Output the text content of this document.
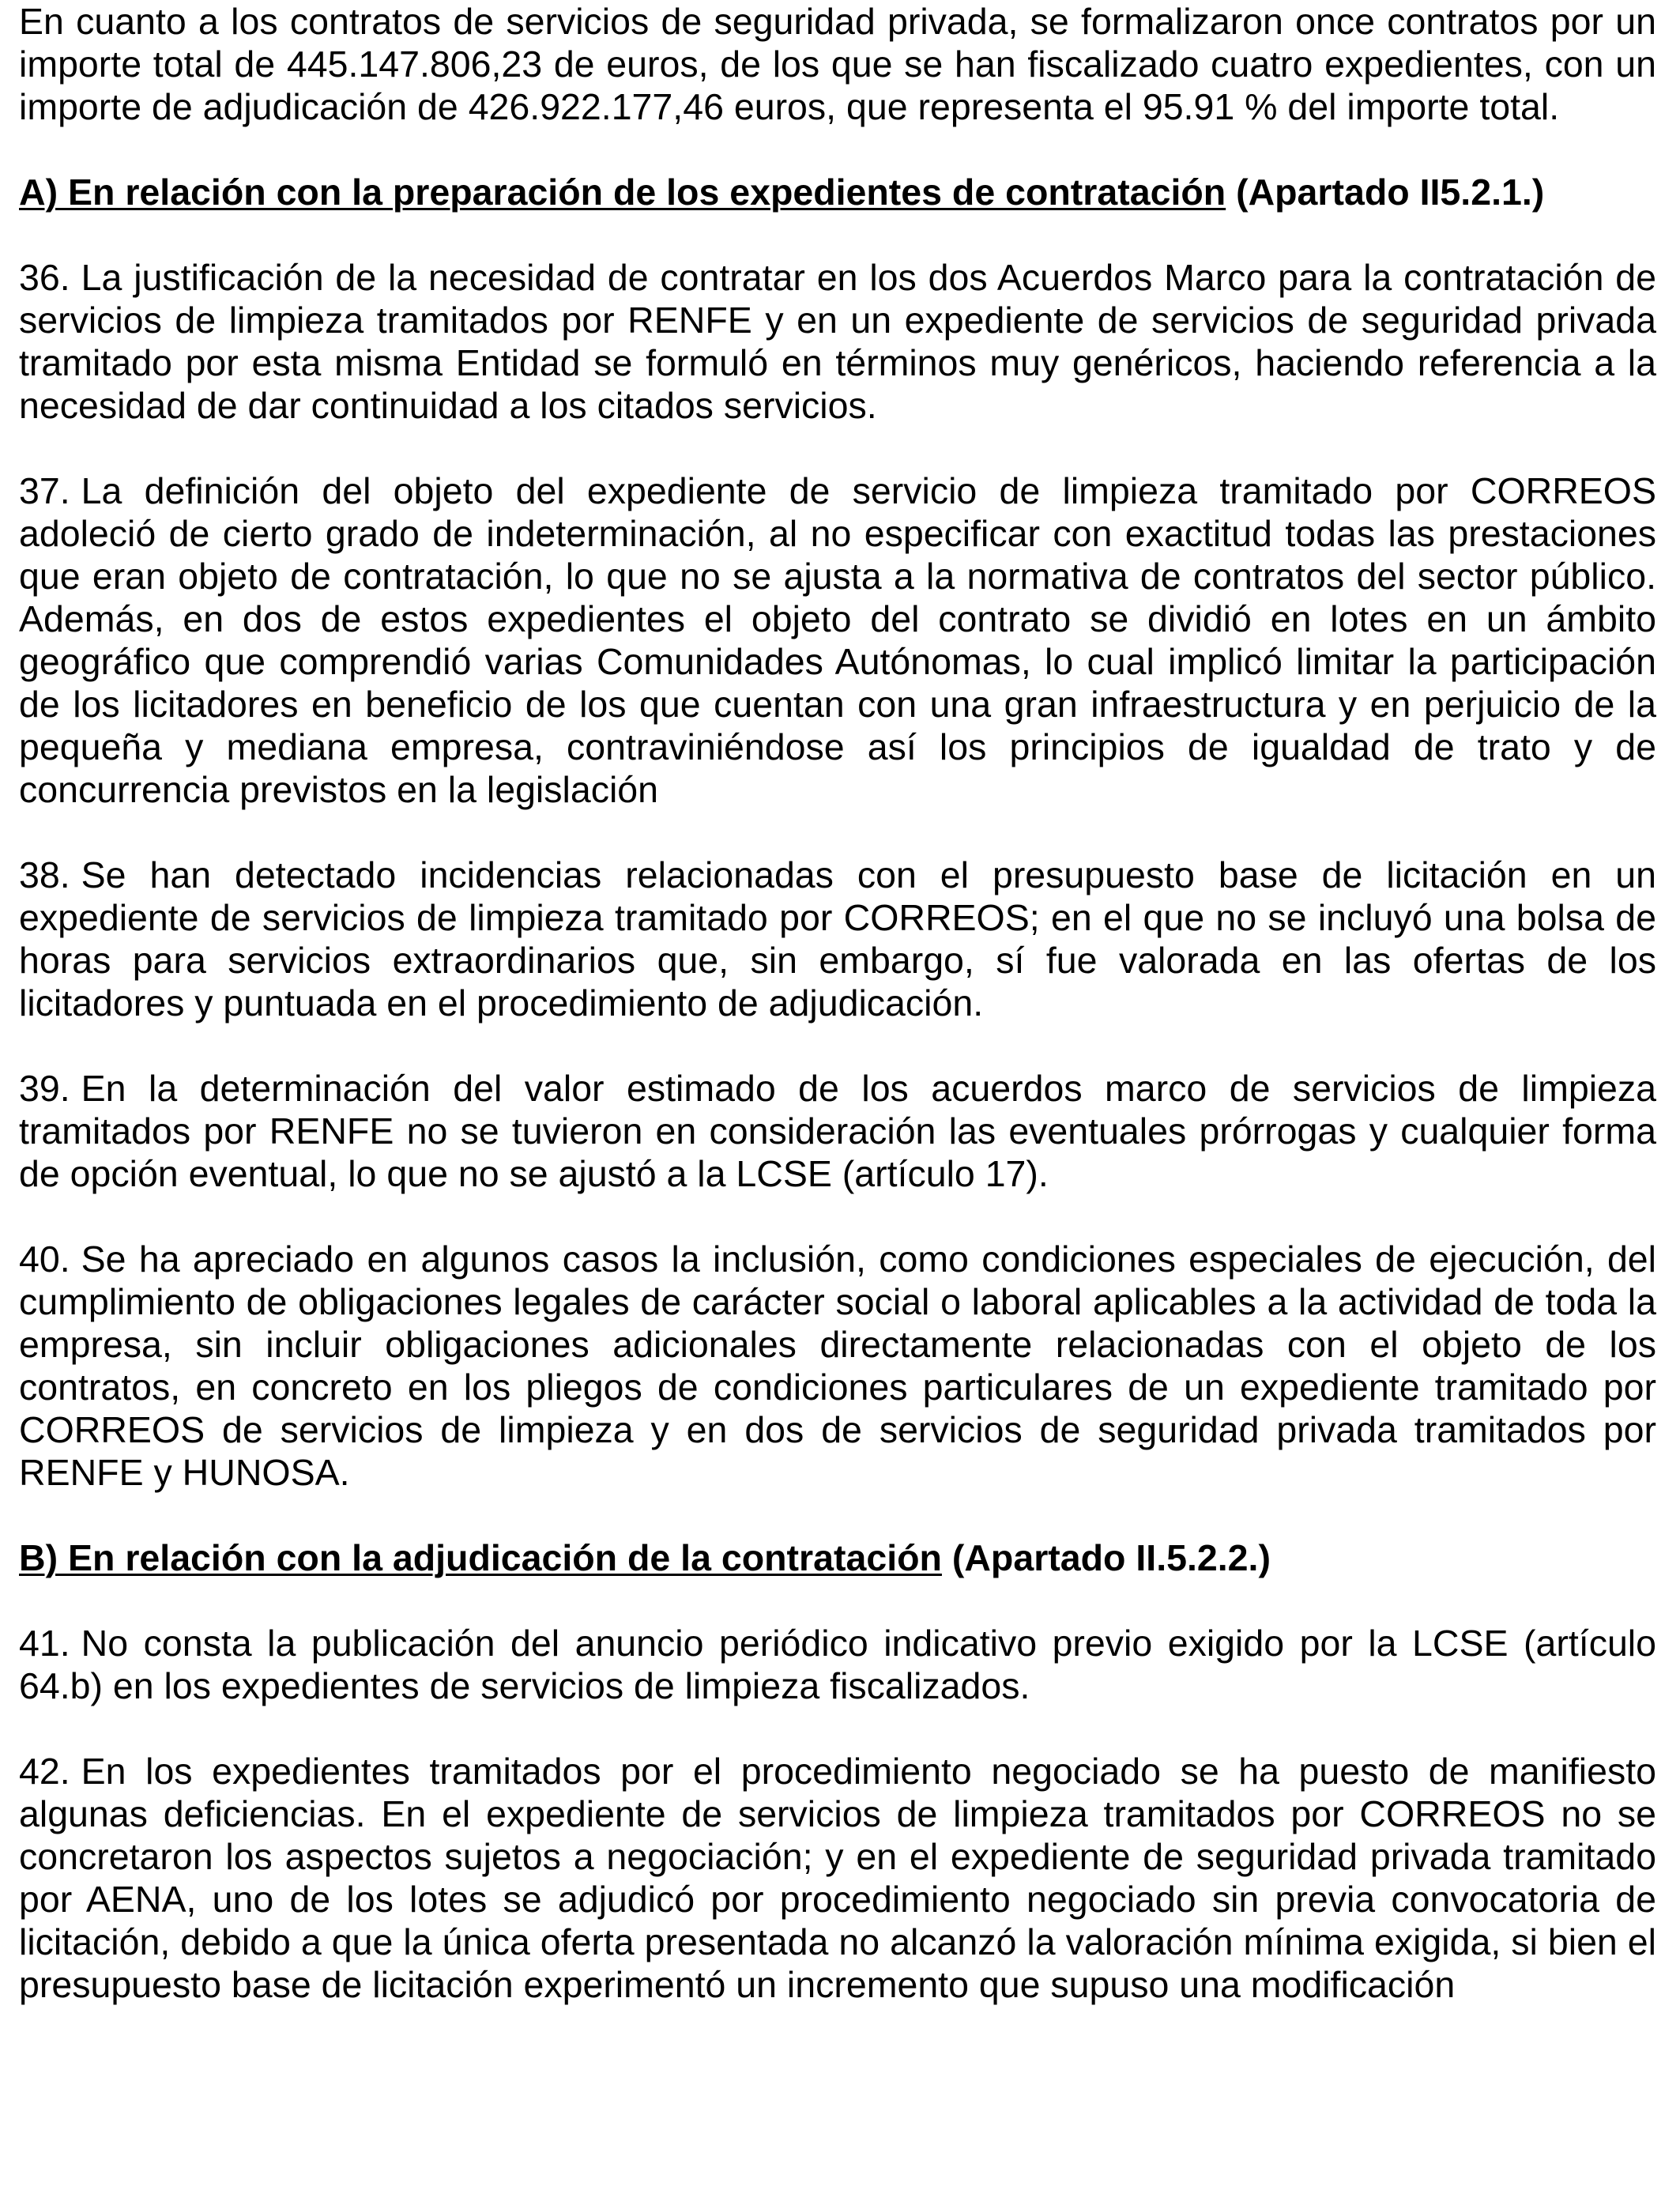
En cuanto a los contratos de servicios de seguridad privada, se formalizaron once contratos por un importe total de 445.147.806,23 de euros, de los que se han fiscalizado cuatro expedientes, con un importe de adjudicación de 426.922.177,46 euros, que representa el 95.91 % del importe total.

A) En relación con la preparación de los expedientes de contratación (Apartado II5.2.1.)

36. La justificación de la necesidad de contratar en los dos Acuerdos Marco para la contratación de servicios de limpieza tramitados por RENFE y en un expediente de servicios de seguridad privada tramitado por esta misma Entidad se formuló en términos muy genéricos, haciendo referencia a la necesidad de dar continuidad a los citados servicios.

37. La definición del objeto del expediente de servicio de limpieza tramitado por CORREOS adoleció de cierto grado de indeterminación, al no especificar con exactitud todas las prestaciones que eran objeto de contratación, lo que no se ajusta a la normativa de contratos del sector público. Además, en dos de estos expedientes el objeto del contrato se dividió en lotes en un ámbito geográfico que comprendió varias Comunidades Autónomas, lo cual implicó limitar la participación de los licitadores en beneficio de los que cuentan con una gran infraestructura y en perjuicio de la pequeña y mediana empresa, contraviniéndose así los principios de igualdad de trato y de concurrencia previstos en la legislación

38. Se han detectado incidencias relacionadas con el presupuesto base de licitación en un expediente de servicios de limpieza tramitado por CORREOS; en el que no se incluyó una bolsa de horas para servicios extraordinarios que, sin embargo, sí fue valorada en las ofertas de los licitadores y puntuada en el procedimiento de adjudicación.

39. En la determinación del valor estimado de los acuerdos marco de servicios de limpieza tramitados por RENFE no se tuvieron en consideración las eventuales prórrogas y cualquier forma de opción eventual, lo que no se ajustó a la LCSE (artículo 17).

40. Se ha apreciado en algunos casos la inclusión, como condiciones especiales de ejecución, del cumplimiento de obligaciones legales de carácter social o laboral aplicables a la actividad de toda la empresa, sin incluir obligaciones adicionales directamente relacionadas con el objeto de los contratos, en concreto en los pliegos de condiciones particulares de un expediente tramitado por CORREOS de servicios de limpieza y en dos de servicios de seguridad privada tramitados por RENFE y HUNOSA.

B) En relación con la adjudicación de la contratación (Apartado II.5.2.2.)

41. No consta la publicación del anuncio periódico indicativo previo exigido por la LCSE (artículo 64.b) en los expedientes de servicios de limpieza fiscalizados.

42. En los expedientes tramitados por el procedimiento negociado se ha puesto de manifiesto algunas deficiencias. En el expediente de servicios de limpieza tramitados por CORREOS no se concretaron los aspectos sujetos a negociación; y en el expediente de seguridad privada tramitado por AENA, uno de los lotes se adjudicó por procedimiento negociado sin previa convocatoria de licitación, debido a que la única oferta presentada no alcanzó la valoración mínima exigida, si bien el presupuesto base de licitación experimentó un incremento que supuso una modificación
